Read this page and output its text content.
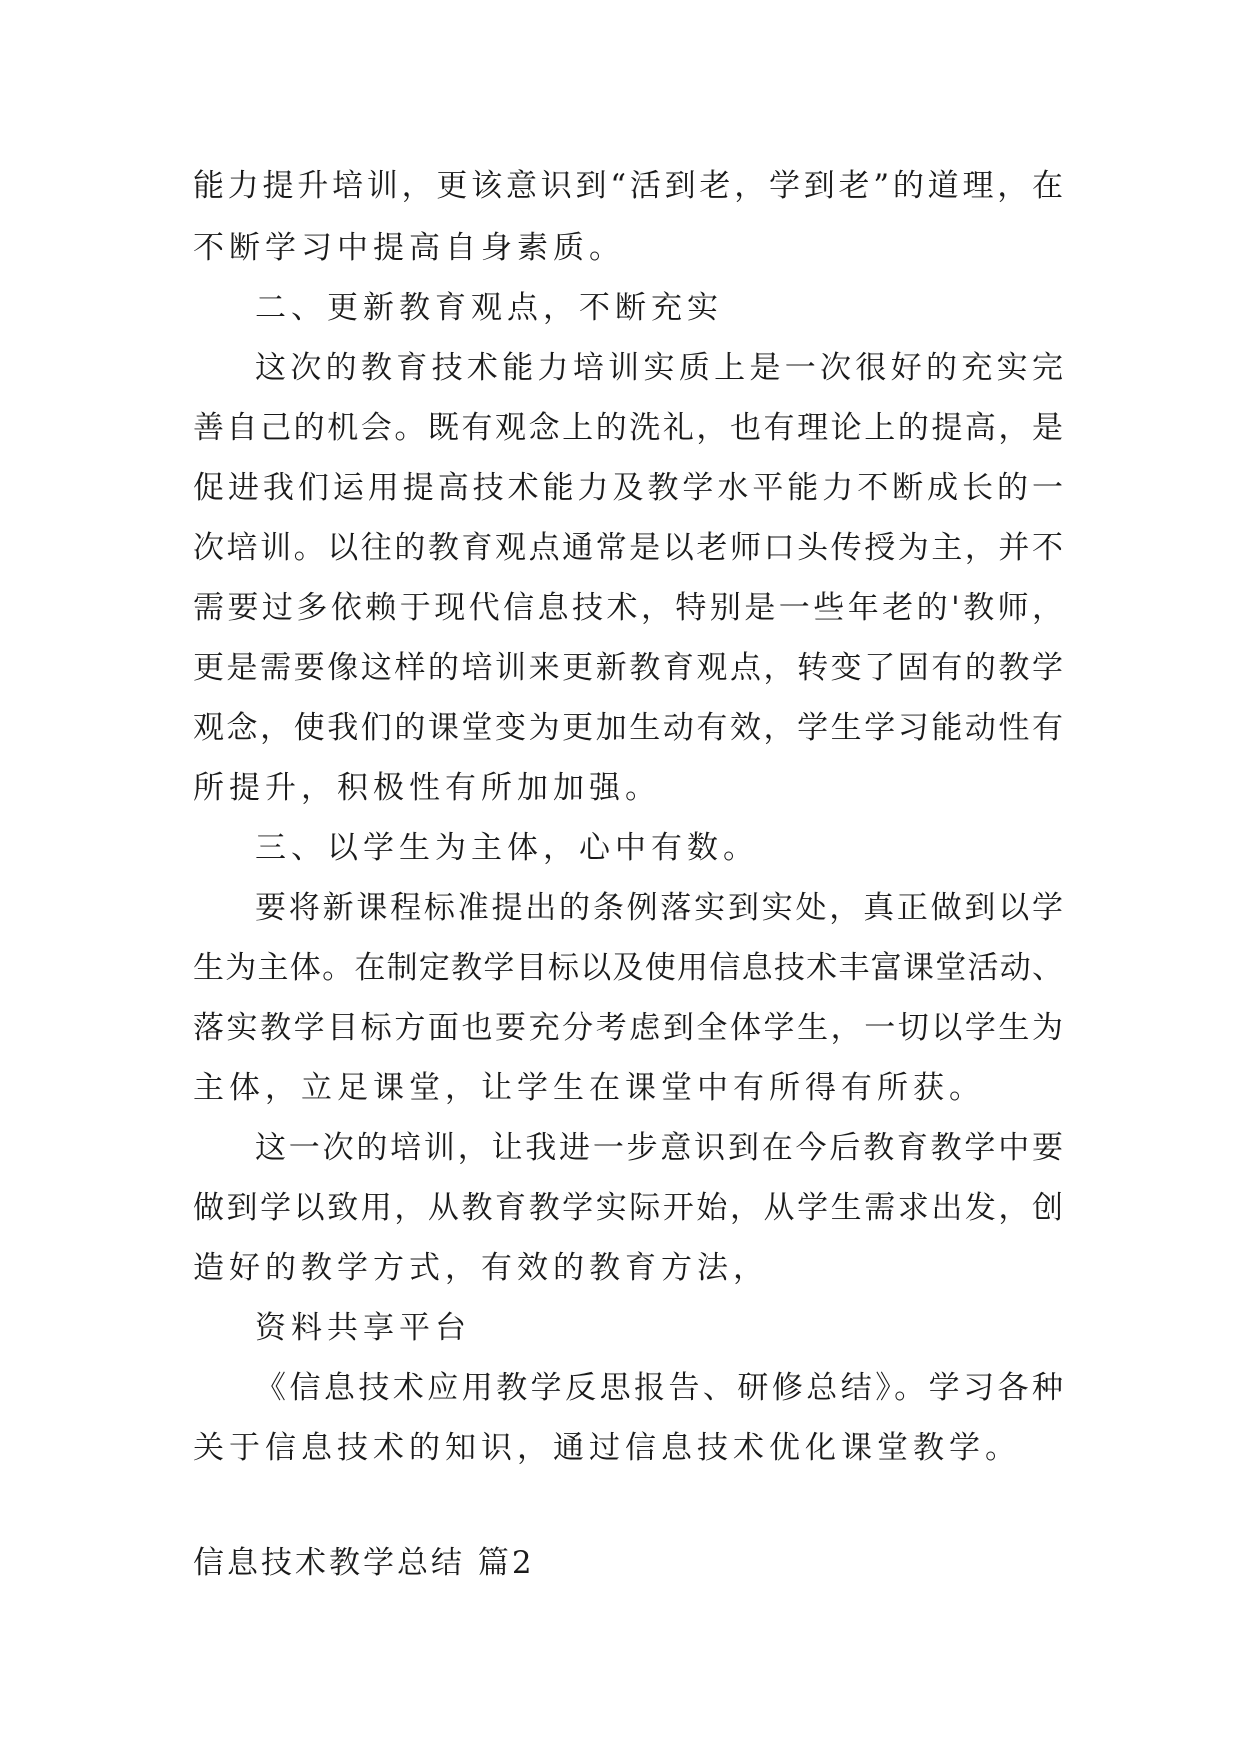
能力提升培训，更该意识到“活到老，学到老”的道理，在
不断学习中提高自身素质。
二、更新教育观点，不断充实
这次的教育技术能力培训实质上是一次很好的充实完
善自己的机会。既有观念上的洗礼，也有理论上的提高，是
促进我们运用提高技术能力及教学水平能力不断成长的一
次培训。以往的教育观点通常是以老师口头传授为主，并不
需要过多依赖于现代信息技术，特别是一些年老的'教师，
更是需要像这样的培训来更新教育观点，转变了固有的教学
观念，使我们的课堂变为更加生动有效，学生学习能动性有
所提升，积极性有所加加强。
三、以学生为主体，心中有数。
要将新课程标准提出的条例落实到实处，真正做到以学
生为主体。在制定教学目标以及使用信息技术丰富课堂活动、
落实教学目标方面也要充分考虑到全体学生，一切以学生为
主体，立足课堂，让学生在课堂中有所得有所获。
这一次的培训，让我进一步意识到在今后教育教学中要
做到学以致用，从教育教学实际开始，从学生需求出发，创
造好的教学方式，有效的教育方法，
资料共享平台
《信息技术应用教学反思报告、研修总结》。学习各种
关于信息技术的知识，通过信息技术优化课堂教学。
信息技术教学总结 篇2
